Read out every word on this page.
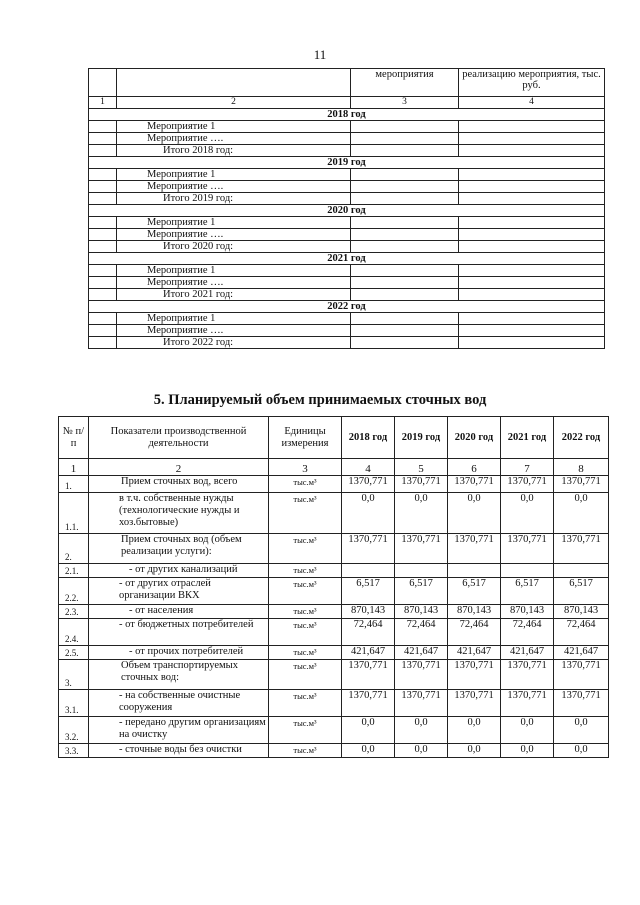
11
		мероприятия	реализацию мероприятия, тыс. руб.
1	2	3	4
2018 год			
	Мероприятие 1		
	Мероприятие ….		
	Итого 2018 год:		
2019 год			
	Мероприятие 1		
	Мероприятие ….		
	Итого 2019 год:		
2020 год			
	Мероприятие 1		
	Мероприятие ….		
	Итого 2020 год:		
2021 год			
	Мероприятие 1		
	Мероприятие ….		
	Итого 2021 год:		
2022 год			
	Мероприятие 1		
	Мероприятие ….		
	Итого 2022 год:		
5. Планируемый объем принимаемых сточных вод
№ п/п	Показатели производственной деятельности	Единицы измерения	2018 год	2019 год	2020 год	2021 год	2022 год
1	2	3	4	5	6	7	8
1.	Прием сточных вод, всего	тыс.м³	1370,771	1370,771	1370,771	1370,771	1370,771
1.1.	в т.ч. собственные нужды (технологические нужды и хоз.бытовые)	тыс.м³	0,0	0,0	0,0	0,0	0,0
2.	Прием сточных вод (объем реализации услуги):	тыс.м³	1370,771	1370,771	1370,771	1370,771	1370,771
2.1.	- от других канализаций	тыс.м³					
2.2.	- от других отраслей организации ВКХ	тыс.м³	6,517	6,517	6,517	6,517	6,517
2.3.	- от населения	тыс.м³	870,143	870,143	870,143	870,143	870,143
2.4.	- от бюджетных потребителей	тыс.м³	72,464	72,464	72,464	72,464	72,464
2.5.	- от прочих потребителей	тыс.м³	421,647	421,647	421,647	421,647	421,647
3.	Объем транспортируемых сточных вод:	тыс.м³	1370,771	1370,771	1370,771	1370,771	1370,771
3.1.	- на собственные очистные сооружения	тыс.м³	1370,771	1370,771	1370,771	1370,771	1370,771
3.2.	- передано другим организациям на очистку	тыс.м³	0,0	0,0	0,0	0,0	0,0
3.3.	- сточные воды без очистки	тыс.м³	0,0	0,0	0,0	0,0	0,0
